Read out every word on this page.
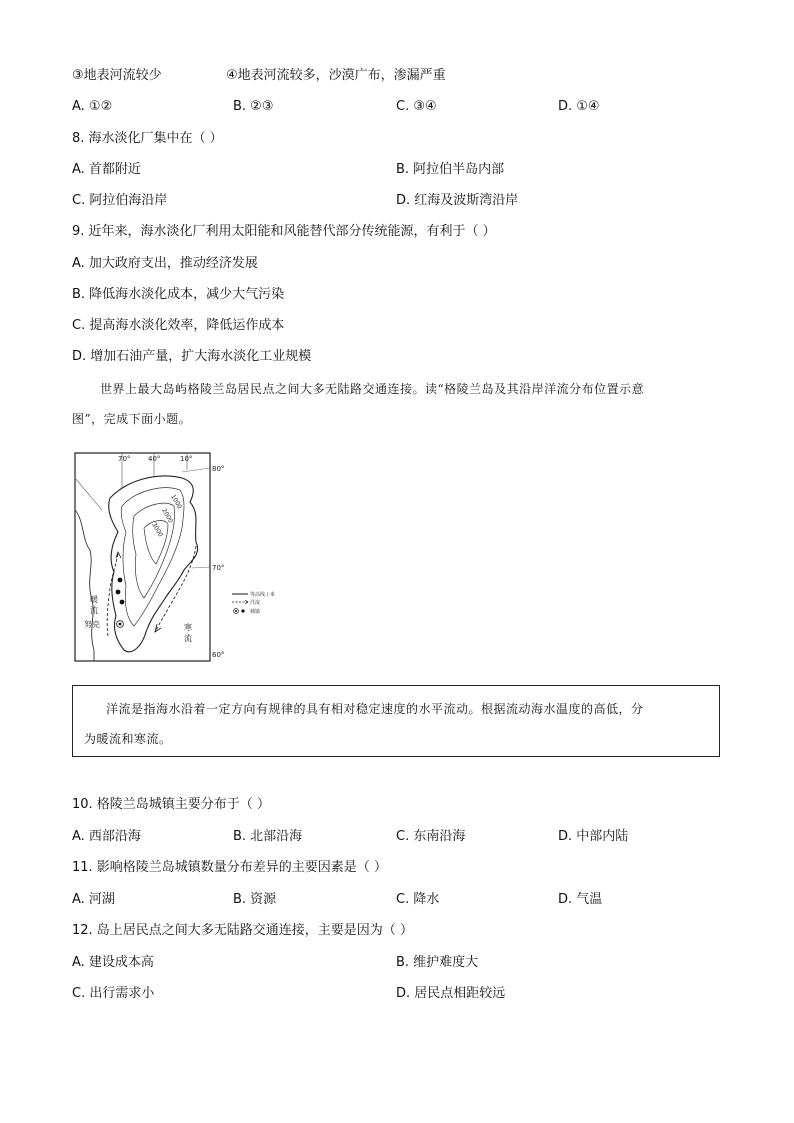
③地表河流较少	④地表河流较多，沙漠广布，渗漏严重
A. ①②	B. ②③	C. ③④	D. ①④
8. 海水淡化厂集中在（ ）
A. 首都附近	B. 阿拉伯半岛内部
C. 阿拉伯海沿岸	D. 红海及波斯湾沿岸
9. 近年来，海水淡化厂利用太阳能和风能替代部分传统能源，有利于（ ）
A. 加大政府支出，推动经济发展
B. 降低海水淡化成本，减少大气污染
C. 提高海水淡化效率，降低运作成本
D. 增加石油产量，扩大海水淡化工业规模
世界上最大岛屿格陵兰岛居民点之间大多无陆路交通连接。读“格陵兰岛及其沿岸洋流分布位置示意
图”，完成下面小题。
1000
2000
3000
70°	40°	10°
80°
70°
60°
暖
流
寒
流
努克
等高线 / 米
洋流
城镇
洋流是指海水沿着一定方向有规律的具有相对稳定速度的水平流动。根据流动海水温度的高低，分
为暖流和寒流。
10. 格陵兰岛城镇主要分布于（ ）
A. 西部沿海	B. 北部沿海	C. 东南沿海	D. 中部内陆
11. 影响格陵兰岛城镇数量分布差异的主要因素是（ ）
A. 河湖	B. 资源	C. 降水	D. 气温
12. 岛上居民点之间大多无陆路交通连接，主要是因为（ ）
A. 建设成本高	B. 维护难度大
C. 出行需求小	D. 居民点相距较远
